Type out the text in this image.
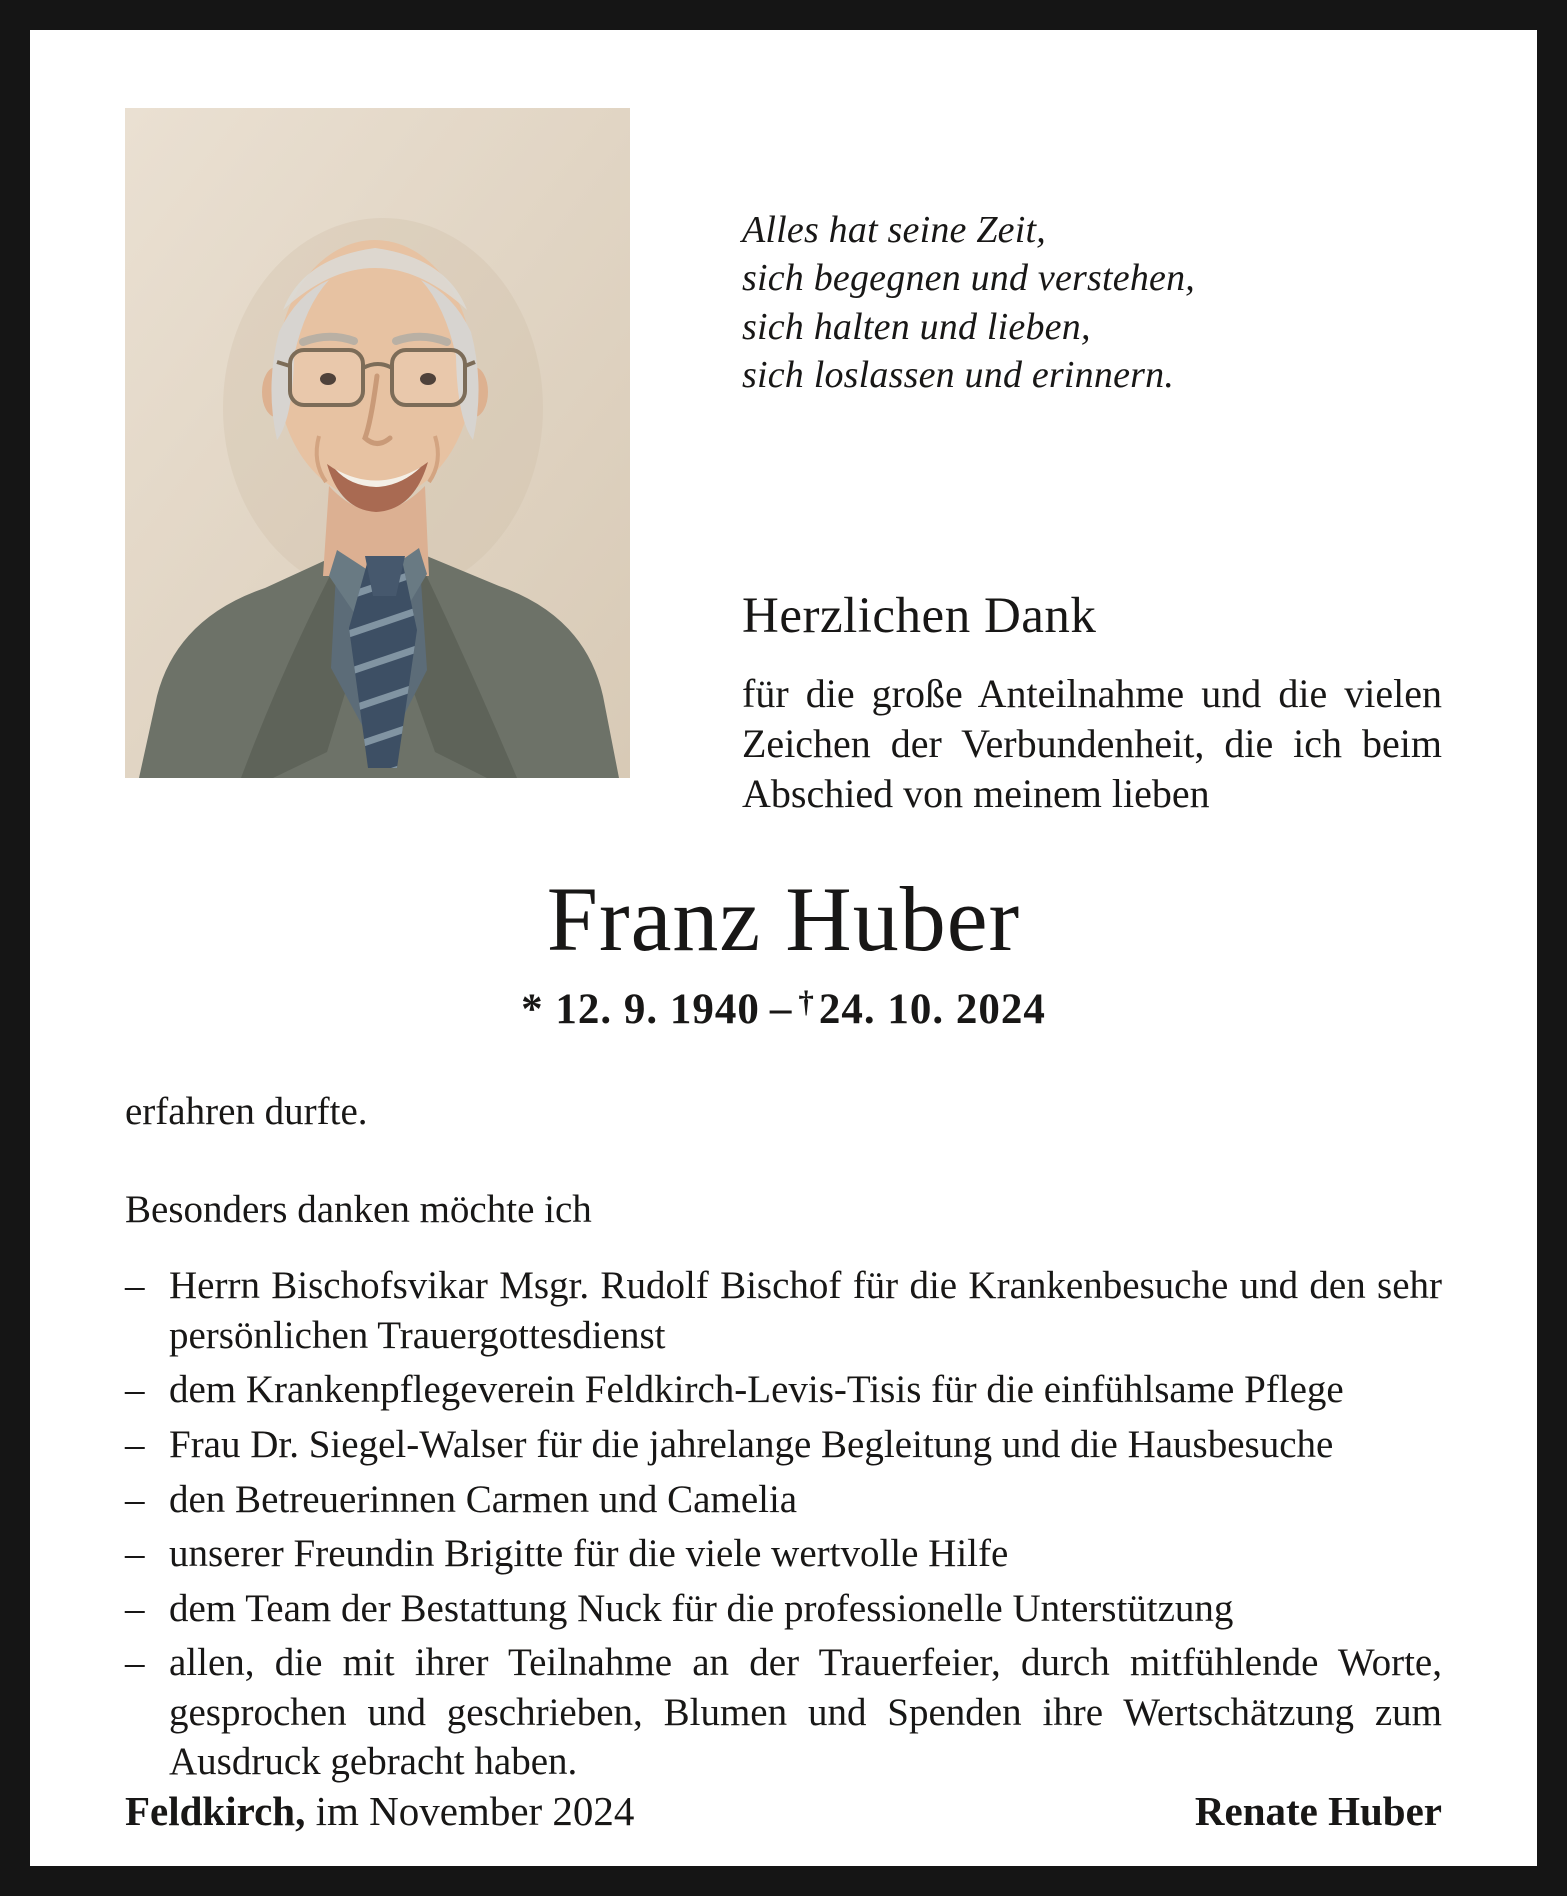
Alles hat seine Zeit,
sich begegnen und verstehen,
sich halten und lieben,
sich loslassen und erinnern.
Herzlichen Dank
für die große Anteilnahme und die vielen Zeichen der Verbundenheit, die ich beim Abschied von meinem lieben
Franz Huber
* 12. 9. 1940 – †24. 10. 2024
erfahren durfte.
Besonders danken möchte ich
– Herrn Bischofsvikar Msgr. Rudolf Bischof für die Krankenbesuche und den sehr persönlichen Trauergottesdienst
– dem Krankenpflegeverein Feldkirch-Levis-Tisis für die einfühlsame Pflege
– Frau Dr. Siegel-Walser für die jahrelange Begleitung und die Hausbesuche
– den Betreuerinnen Carmen und Camelia
– unserer Freundin Brigitte für die viele wertvolle Hilfe
– dem Team der Bestattung Nuck für die professionelle Unterstützung
– allen, die mit ihrer Teilnahme an der Trauerfeier, durch mitfühlende Worte, gesprochen und geschrieben, Blumen und Spenden ihre Wertschätzung zum Ausdruck gebracht haben.
Feldkirch, im November 2024	Renate Huber
